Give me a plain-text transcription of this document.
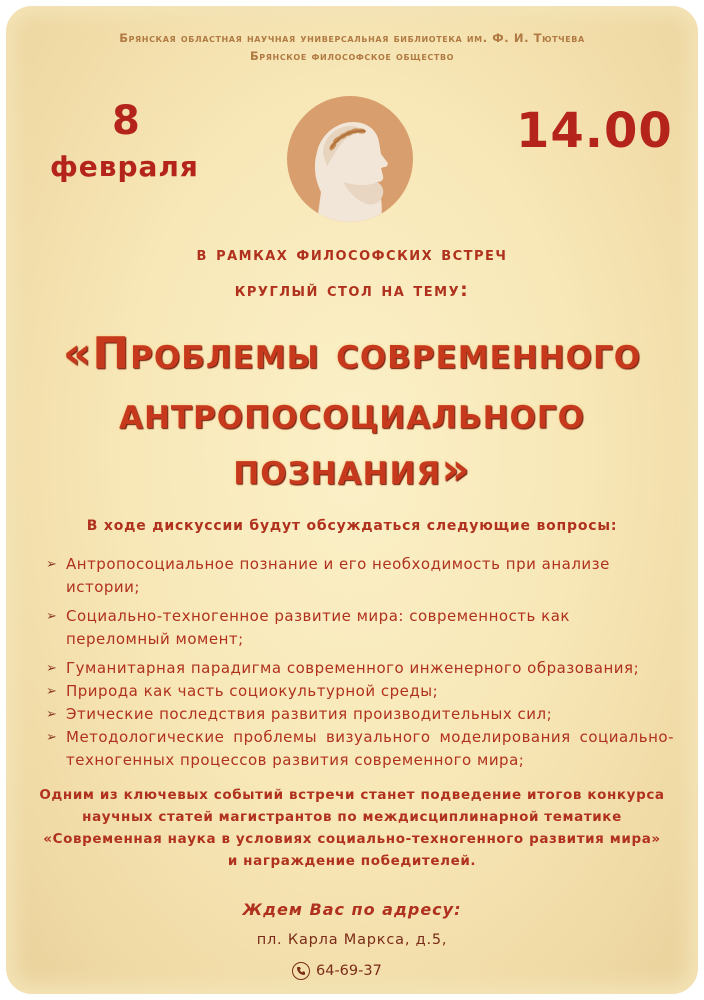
Брянская областная научная универсальная библиотека им. Ф. И. Тютчева
Брянское философское общество
8
февраля
14.00
в рамках философских встреч
круглый стол на тему:
«Проблемы современного
антропосоциального
познания»
В ходе дискуссии будут обсуждаться следующие вопросы:
➢ Антропосоциальное познание и его необходимость при анализе истории;
➢ Социально-техногенное развитие мира: современность как переломный момент;
➢ Гуманитарная парадигма современного инженерного образования;
➢ Природа как часть социокультурной среды;
➢ Этические последствия развития производительных сил;
➢ Методологические проблемы визуального моделирования социально-техногенных процессов развития современного мира;
Одним из ключевых событий встречи станет подведение итогов конкурса
научных статей магистрантов по междисциплинарной тематике
«Современная наука в условиях социально-техногенного развития мира»
и награждение победителей.
Ждем Вас по адресу:
пл. Карла Маркса, д.5,
64-69-37
